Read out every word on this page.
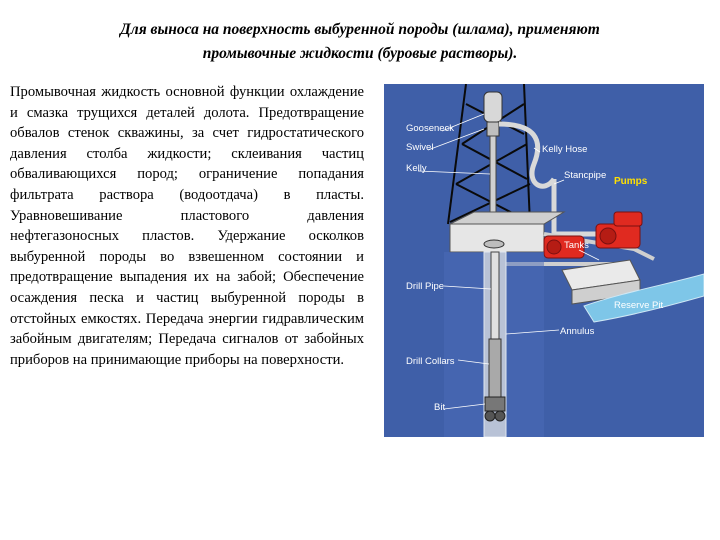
Для выноса на поверхность выбуренной породы (шлама), применяют
промывочные жидкости (буровые растворы).
Промывочная жидкость основной функции охлаждение и смазка трущихся деталей долота. Предотвращение обвалов стенок скважины, за счет гидростатического давления столба жидкости; склеивания частиц обваливающихся пород; ограничение попадания фильтрата раствора (водоотдача) в пласты. Уравновешивание пластового давления нефтегазоносных пластов. Удержание осколков выбуренной породы во взвешенном состоянии и предотвращение выпадения их на забой; Обеспечение осаждения песка и частиц выбуренной породы в отстойных емкостях. Передача энергии гидравлическим забойным двигателям; Передача сигналов от забойных приборов на принимающие приборы на поверхности.
Gooseneck
Swivel
Kelly
Kelly Hose
Stancpipe
Pumps
Tanks
Drill Pipe
Reserve Pit
Annulus
Drill Collars
Bit
